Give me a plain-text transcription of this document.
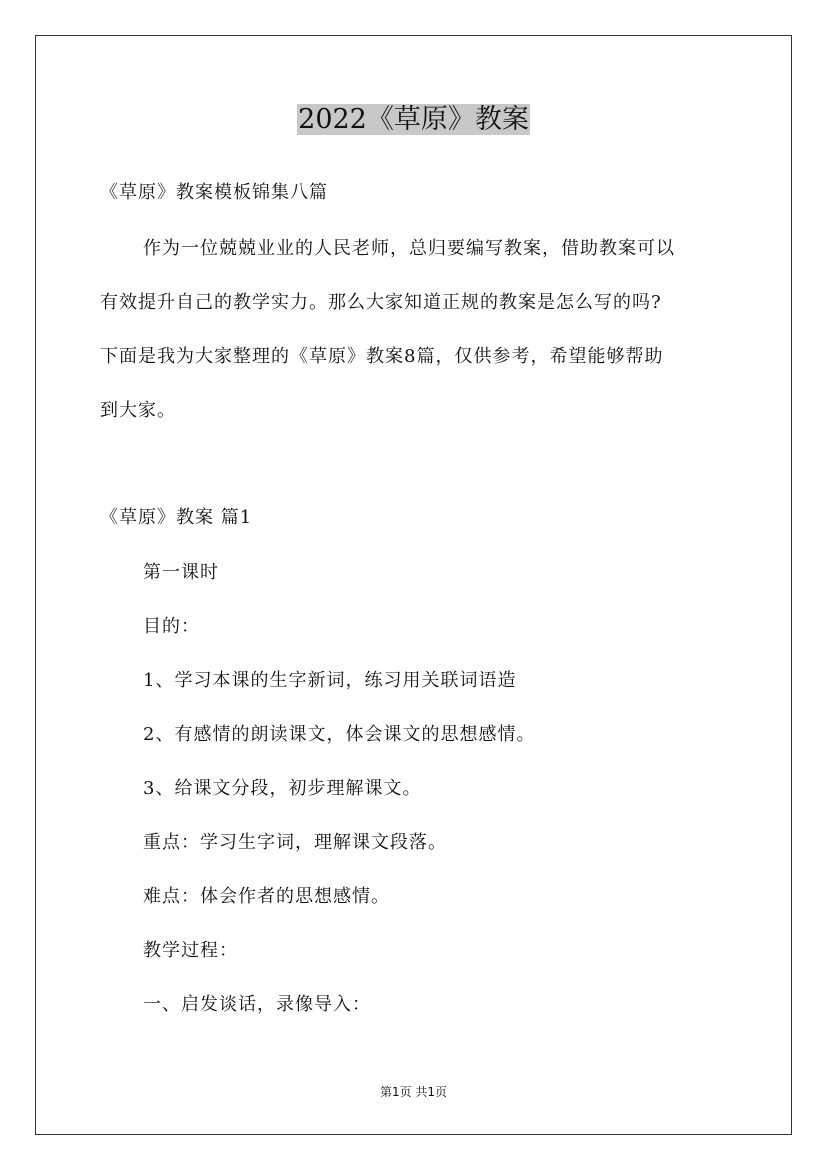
2022《草原》教案
《草原》教案模板锦集八篇
作为一位兢兢业业的人民老师，总归要编写教案，借助教案可以
有效提升自己的教学实力。那么大家知道正规的教案是怎么写的吗?
下面是我为大家整理的《草原》教案8篇，仅供参考，希望能够帮助
到大家。
《草原》教案 篇1
第一课时
目的：
1、学习本课的生字新词，练习用关联词语造
2、有感情的朗读课文，体会课文的思想感情。
3、给课文分段，初步理解课文。
重点：学习生字词，理解课文段落。
难点：体会作者的思想感情。
教学过程：
一、启发谈话，录像导入：
第1页 共1页
